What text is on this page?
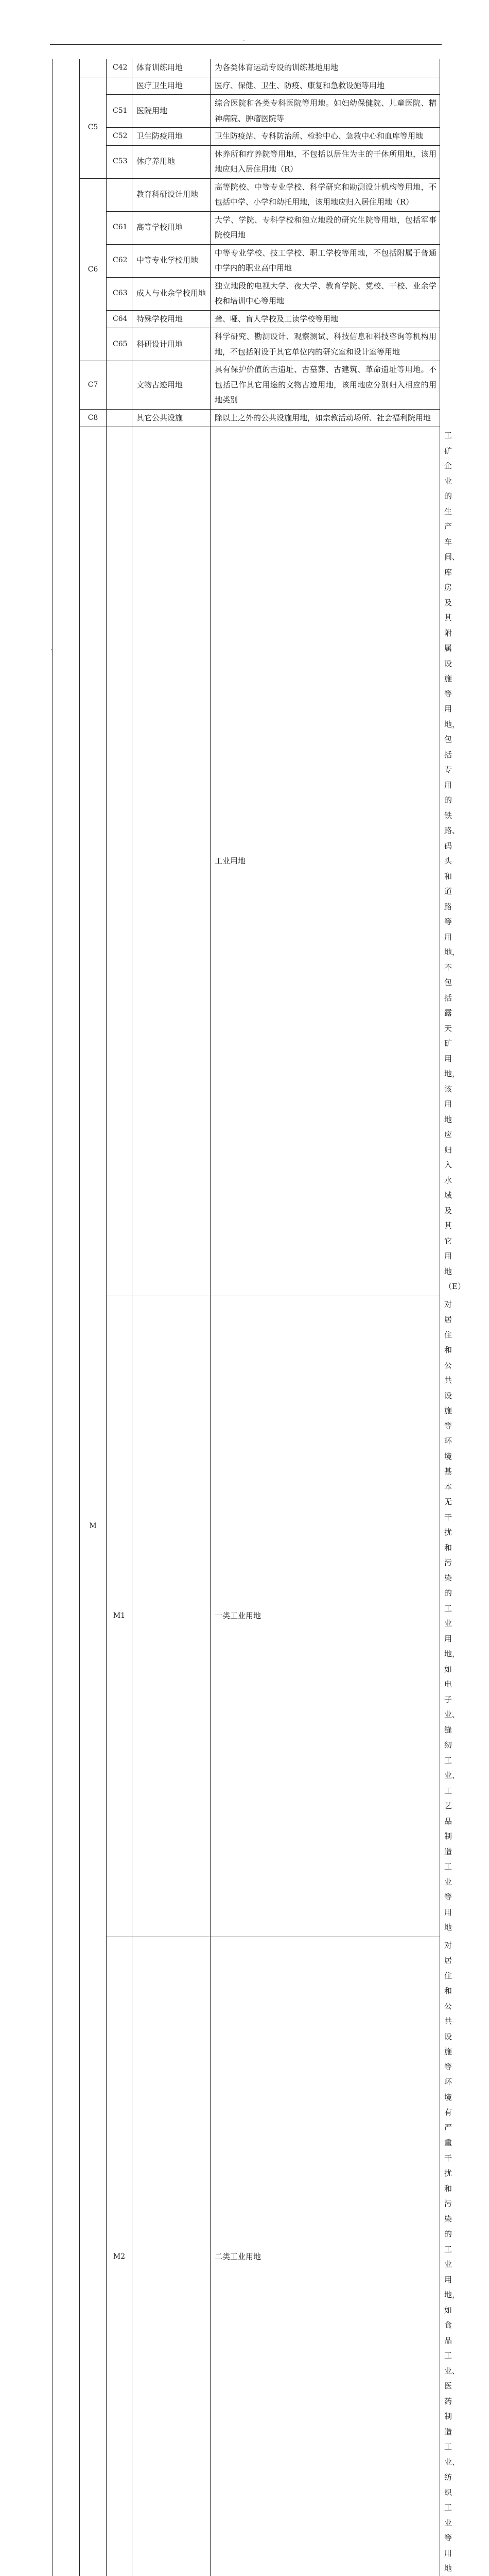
.
		C42	体育训练用地	为各类体育运动专设的训练基地用地	
	C5		医疗卫生用地	医疗、保健、卫生、防疫、康复和急救设施等用地	
		C51	医院用地	综合医院和各类专科医院等用地。如妇幼保健院、儿童医院、精神病院、肿瘤医院等	
		C52	卫生防疫用地	卫生防疫站、专科防治所、检验中心、急救中心和血库等用地	
		C53	休疗养用地	休养所和疗养院等用地，不包括以居住为主的干休所用地，该用地应归入居住用地（R）	
	C6		教育科研设计用地	高等院校、中等专业学校、科学研究和勘测设计机构等用地，不包括中学、小学和幼托用地，该用地应归入居住用地（R）	
		C61	高等学校用地	大学、学院、专科学校和独立地段的研究生院等用地，包括军事院校用地	
		C62	中等专业学校用地	中等专业学校、技工学校、职工学校等用地，不包括附属于普通中学内的职业高中用地	
		C63	成人与业余学校用地	独立地段的电视大学、夜大学、教育学院、党校、干校、业余学校和培训中心等用地	
		C64	特殊学校用地	聋、哑、盲人学校及工读学校等用地	
		C65	科研设计用地	科学研究、勘测设计、观察测试、科技信息和科技咨询等机构用地，不包括附设于其它单位内的研究室和设计室等用地	
	C7		文物古迹用地	具有保护价值的古遗址、古墓葬、古建筑、革命遗址等用地。不包括已作其它用途的文物古迹用地，该用地应分别归入相应的用地类别	
	C8		其它公共设施	除以上之外的公共设施用地，如宗教活动场所、社会福利院用地	
	M			工业用地	工矿企业的生产车间、库房及其附属设施等用地，包括专用的铁路、码头和道路等用地，不包括露天矿用地，该用地应归入水域及其它用地（E）
		M1		一类工业用地	对居住和公共设施等环境基本无干扰和污染的工业用地，如电子业、缝纫工业、工艺品制造工业等用地
		M2		二类工业用地	对居住和公共设施等环境有严重干扰和污染的工业用地，如食品工业、医药制造工业、纺织工业等用地

.
